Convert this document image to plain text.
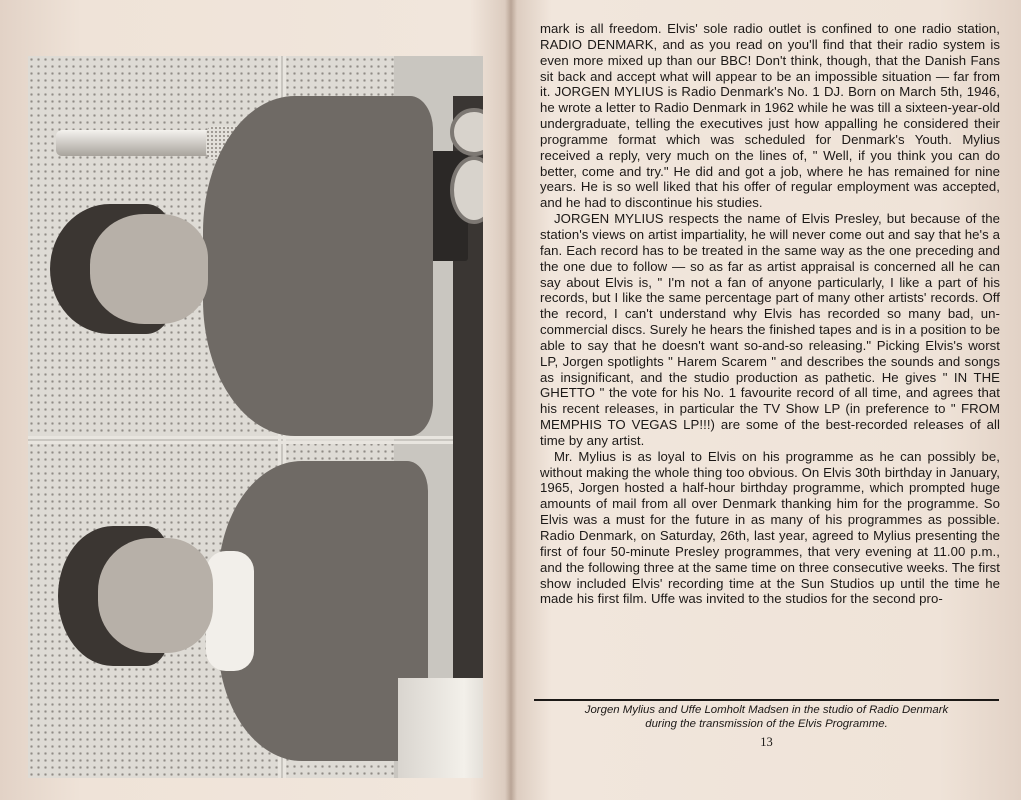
mark is all freedom. Elvis' sole radio outlet is confined to one radio station, RADIO DENMARK, and as you read on you'll find that their radio system is even more mixed up than our BBC! Don't think, though, that the Danish Fans sit back and accept what will appear to be an impossible situation — far from it. JORGEN MYLIUS is Radio Denmark's No. 1 DJ. Born on March 5th, 1946, he wrote a letter to Radio Denmark in 1962 while he was till a sixteen-year-old undergraduate, telling the executives just how appalling he considered their programme format which was scheduled for Denmark's Youth. Mylius received a reply, very much on the lines of, " Well, if you think you can do better, come and try." He did and got a job, where he has remained for nine years. He is so well liked that his offer of regular employment was accepted, and he had to discontinue his studies.

JORGEN MYLIUS respects the name of Elvis Presley, but because of the station's views on artist impartiality, he will never come out and say that he's a fan. Each record has to be treated in the same way as the one preceding and the one due to follow — so as far as artist appraisal is concerned all he can say about Elvis is, " I'm not a fan of anyone particularly, I like a part of his records, but I like the same percentage part of many other artists' records. Off the record, I can't understand why Elvis has recorded so many bad, un-commercial discs. Surely he hears the finished tapes and is in a position to be able to say that he doesn't want so-and-so releasing." Picking Elvis's worst LP, Jorgen spotlights " Harem Scarem " and describes the sounds and songs as insignificant, and the studio production as pathetic. He gives " IN THE GHETTO " the vote for his No. 1 favourite record of all time, and agrees that his recent releases, in particular the TV Show LP (in preference to " FROM MEMPHIS TO VEGAS LP!!!) are some of the best-recorded releases of all time by any artist.

Mr. Mylius is as loyal to Elvis on his programme as he can possibly be, without making the whole thing too obvious. On Elvis 30th birthday in January, 1965, Jorgen hosted a half-hour birthday programme, which prompted huge amounts of mail from all over Denmark thanking him for the programme. So Elvis was a must for the future in as many of his programmes as possible. Radio Denmark, on Saturday, 26th, last year, agreed to Mylius presenting the first of four 50-minute Presley programmes, that very evening at 11.00 p.m., and the following three at the same time on three consecutive weeks. The first show included Elvis' recording time at the Sun Studios up until the time he made his first film. Uffe was invited to the studios for the second pro-

Jorgen Mylius and Uffe Lomholt Madsen in the studio of Radio Denmark
during the transmission of the Elvis Programme.
13
